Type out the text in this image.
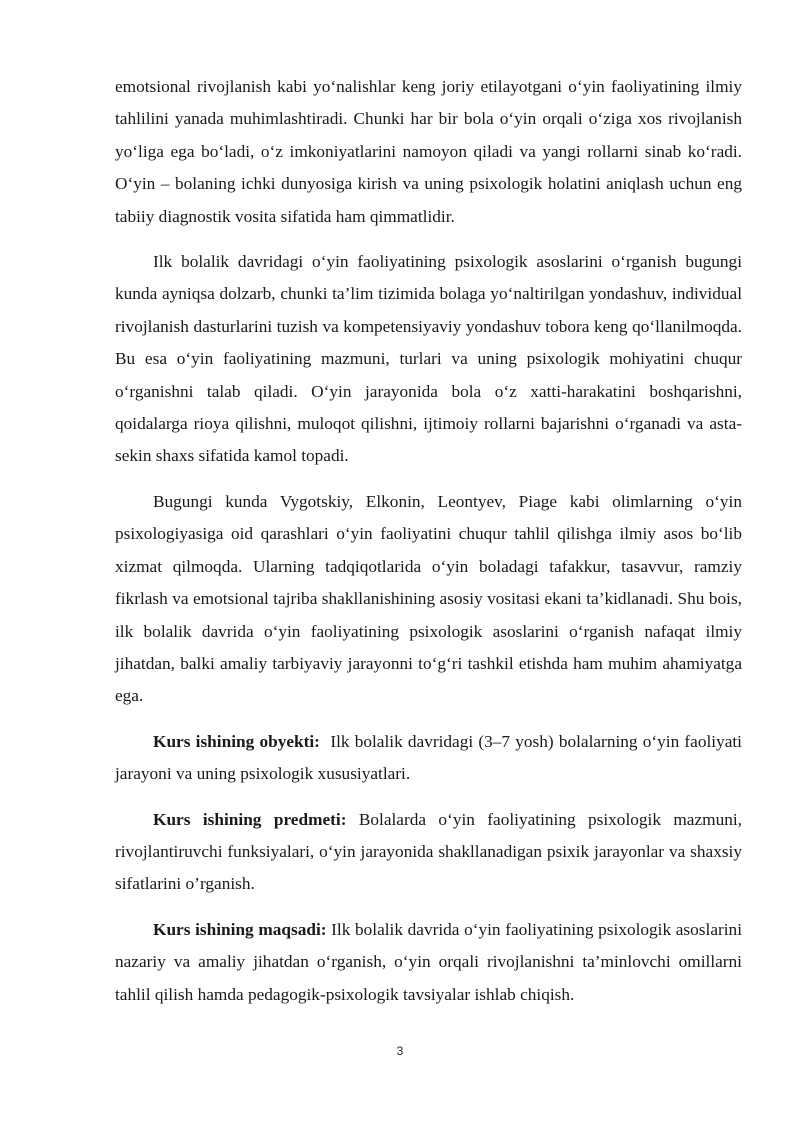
emotsional rivojlanish kabi yo‘nalishlar keng joriy etilayotgani o‘yin faoliyatining ilmiy tahlilini yanada muhimlashtiradi. Chunki har bir bola o‘yin orqali o‘ziga xos rivojlanish yo‘liga ega bo‘ladi, o‘z imkoniyatlarini namoyon qiladi va yangi rollarni sinab ko‘radi. O‘yin – bolaning ichki dunyosiga kirish va uning psixologik holatini aniqlash uchun eng tabiiy diagnostik vosita sifatida ham qimmatlidir.

Ilk bolalik davridagi o‘yin faoliyatining psixologik asoslarini o‘rganish bugungi kunda ayniqsa dolzarb, chunki ta’lim tizimida bolaga yo‘naltirilgan yondashuv, individual rivojlanish dasturlarini tuzish va kompetensiyaviy yondashuv tobora keng qo‘llanilmoqda. Bu esa o‘yin faoliyatining mazmuni, turlari va uning psixologik mohiyatini chuqur o‘rganishni talab qiladi. O‘yin jarayonida bola o‘z xatti-harakatini boshqarishni, qoidalarga rioya qilishni, muloqot qilishni, ijtimoiy rollarni bajarishni o‘rganadi va asta-sekin shaxs sifatida kamol topadi.

Bugungi kunda Vygotskiy, Elkonin, Leontyev, Piage kabi olimlarning o‘yin psixologiyasiga oid qarashlari o‘yin faoliyatini chuqur tahlil qilishga ilmiy asos bo‘lib xizmat qilmoqda. Ularning tadqiqotlarida o‘yin boladagi tafakkur, tasavvur, ramziy fikrlash va emotsional tajriba shakllanishining asosiy vositasi ekani ta’kidlanadi. Shu bois, ilk bolalik davrida o‘yin faoliyatining psixologik asoslarini o‘rganish nafaqat ilmiy jihatdan, balki amaliy tarbiyaviy jarayonni to‘g‘ri tashkil etishda ham muhim ahamiyatga ega.

Kurs ishining obyekti:  Ilk bolalik davridagi (3–7 yosh) bolalarning o‘yin faoliyati jarayoni va uning psixologik xususiyatlari.

Kurs ishining predmeti: Bolalarda o‘yin faoliyatining psixologik mazmuni, rivojlantiruvchi funksiyalari, o‘yin jarayonida shakllanadigan psixik jarayonlar va shaxsiy sifatlarini o’rganish.

Kurs ishining maqsadi: Ilk bolalik davrida o‘yin faoliyatining psixologik asoslarini nazariy va amaliy jihatdan o‘rganish, o‘yin orqali rivojlanishni ta’minlovchi omillarni tahlil qilish hamda pedagogik-psixologik tavsiyalar ishlab chiqish.

3
